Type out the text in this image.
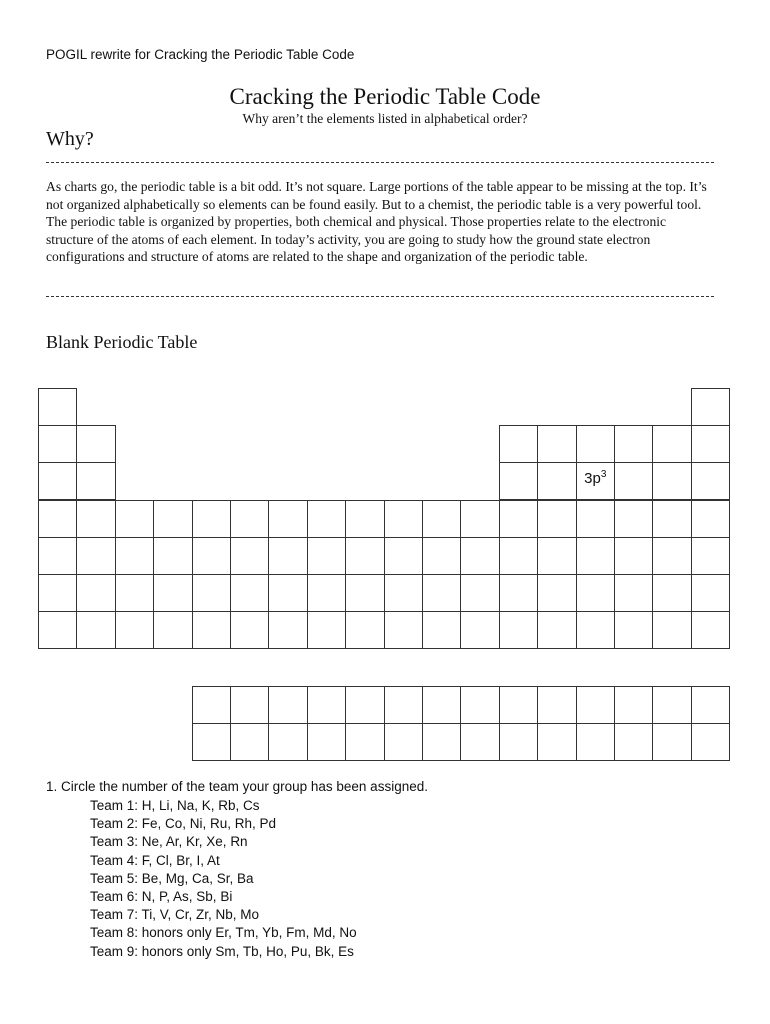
POGIL rewrite for Cracking the Periodic Table Code
Cracking the Periodic Table Code
Why aren’t the elements listed in alphabetical order?
Why?

As charts go, the periodic table is a bit odd. It’s not square. Large portions of the table appear to be missing at the top. It’s not organized alphabetically so elements can be found easily. But to a chemist, the periodic table is a very powerful tool. The periodic table is organized by properties, both chemical and physical. Those properties relate to the electronic structure of the atoms of each element. In today’s activity, you are going to study how the ground state electron configurations and structure of atoms are related to the shape and organization of the periodic table.

Blank Periodic Table
$3p^3$
1. Circle the number of the team your group has been assigned.
Team 1: H, Li, Na, K, Rb, Cs
Team 2: Fe, Co, Ni, Ru, Rh, Pd
Team 3: Ne, Ar, Kr, Xe, Rn
Team 4: F, Cl, Br, I, At
Team 5: Be, Mg, Ca, Sr, Ba
Team 6: N, P, As, Sb, Bi
Team 7: Ti, V, Cr, Zr, Nb, Mo
Team 8: honors only Er, Tm, Yb, Fm, Md, No
Team 9: honors only Sm, Tb, Ho, Pu, Bk, Es
